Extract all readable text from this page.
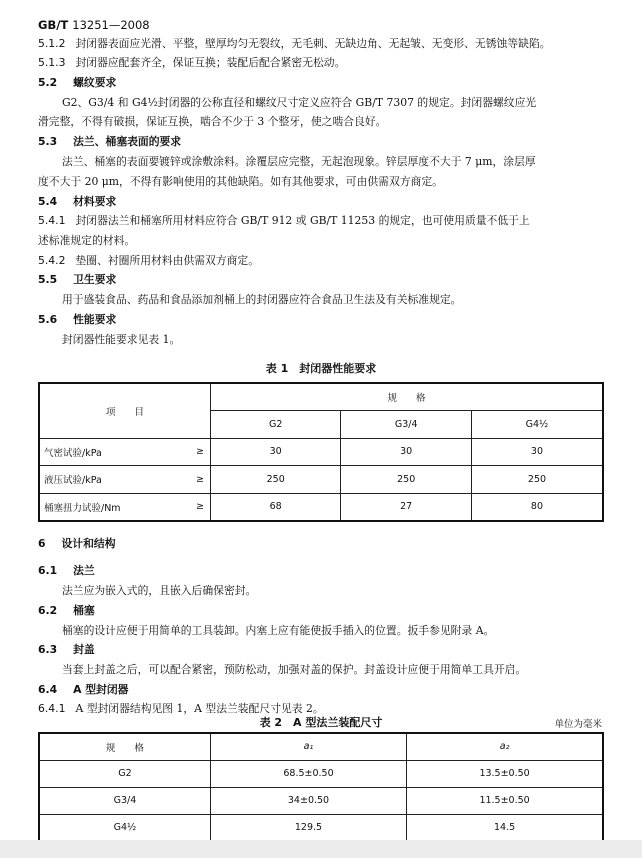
GB/T 13251—2008
5.1.2 封闭器表面应光滑、平整，壁厚均匀无裂纹，无毛刺、无缺边角、无起皱、无变形、无锈蚀等缺陷。
5.1.3 封闭器应配套齐全，保证互换；装配后配合紧密无松动。
5.2 螺纹要求
G2、G3/4 和 G4½封闭器的公称直径和螺纹尺寸定义应符合 GB/T 7307 的规定。封闭器螺纹应光
滑完整，不得有破损，保证互换，啮合不少于 3 个整牙，使之啮合良好。
5.3 法兰、桶塞表面的要求
法兰、桶塞的表面要镀锌或涂敷涂料。涂覆层应完整，无起泡现象。锌层厚度不大于 7 μm，涂层厚
度不大于 20 μm，不得有影响使用的其他缺陷。如有其他要求，可由供需双方商定。
5.4 材料要求
5.4.1 封闭器法兰和桶塞所用材料应符合 GB/T 912 或 GB/T 11253 的规定，也可使用质量不低于上
述标准规定的材料。
5.4.2 垫圈、衬圈所用材料由供需双方商定。
5.5 卫生要求
用于盛装食品、药品和食品添加剂桶上的封闭器应符合食品卫生法及有关标准规定。
5.6 性能要求
封闭器性能要求见表 1。
表 1　封闭器性能要求
项　　目		规　　格		
		G2	G3/4	G4½
气密试验/kPa	≥	30	30	30
液压试验/kPa	≥	250	250	250
桶塞扭力试验/Nm	≥	68	27	80
6 设计和结构
6.1 法兰
法兰应为嵌入式的，且嵌入后确保密封。
6.2 桶塞
桶塞的设计应便于用简单的工具装卸。内塞上应有能使扳手插入的位置。扳手参见附录 A。
6.3 封盖
当套上封盖之后，可以配合紧密，预防松动，加强对盖的保护。封盖设计应便于用简单工具开启。
6.4 A 型封闭器
6.4.1 A 型封闭器结构见图 1，A 型法兰装配尺寸见表 2。
表 2　A 型法兰装配尺寸	单位为毫米
规　　格	a₁	a₂
G2	68.5±0.50	13.5±0.50
G3/4	34±0.50	11.5±0.50
G4½	129.5	14.5
